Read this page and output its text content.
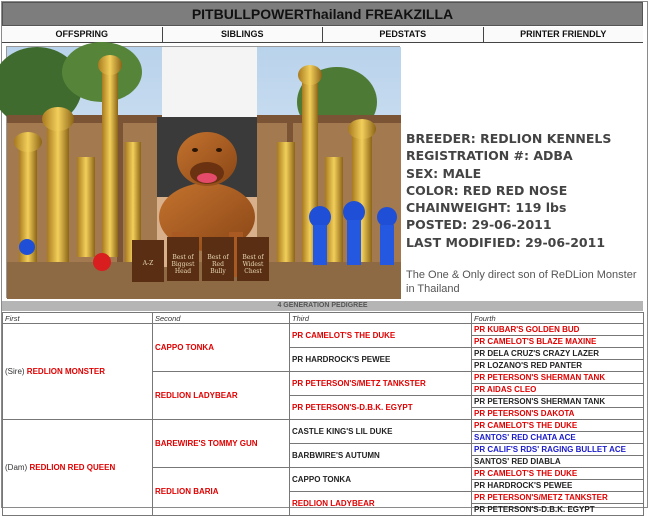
PITBULLPOWERThailand FREAKZILLA
OFFSPRING	SIBLINGS	PEDSTATS	PRINTER FRIENDLY
A-Z
Best of Biggest Head
Best of Red Bully
Best of Widest Chest
BREEDER: REDLION KENNELS
REGISTRATION #: ADBA
SEX: MALE
COLOR: RED RED NOSE
CHAINWEIGHT: 119 lbs
POSTED: 29-06-2011
LAST MODIFIED: 29-06-2011
The One & Only direct son of ReDLion Monster in Thailand
4 GENERATION PEDIGREE
First	Second	Third	Fourth
(Sire) REDLION MONSTER	CAPPO TONKA	PR CAMELOT'S THE DUKE	PR KUBAR'S GOLDEN BUD
			PR CAMELOT'S BLAZE MAXINE
		PR HARDROCK'S PEWEE	PR DELA CRUZ'S CRAZY LAZER
			PR LOZANO'S RED PANTER
	REDLION LADYBEAR	PR PETERSON'S/METZ TANKSTER	PR PETERSON'S SHERMAN TANK
			PR AIDAS CLEO
		PR PETERSON'S-D.B.K. EGYPT	PR PETERSON'S SHERMAN TANK
			PR PETERSON'S DAKOTA
(Dam) REDLION RED QUEEN	BAREWIRE'S TOMMY GUN	CASTLE KING'S LIL DUKE	PR CAMELOT'S THE DUKE
			SANTOS' RED CHATA ACE
		BARBWIRE'S AUTUMN	PR CALIF'S RDS' RAGING BULLET ACE
			SANTOS' RED DIABLA
	REDLION BARIA	CAPPO TONKA	PR CAMELOT'S THE DUKE
			PR HARDROCK'S PEWEE
		REDLION LADYBEAR	PR PETERSON'S/METZ TANKSTER
			PR PETERSON'S-D.B.K. EGYPT
